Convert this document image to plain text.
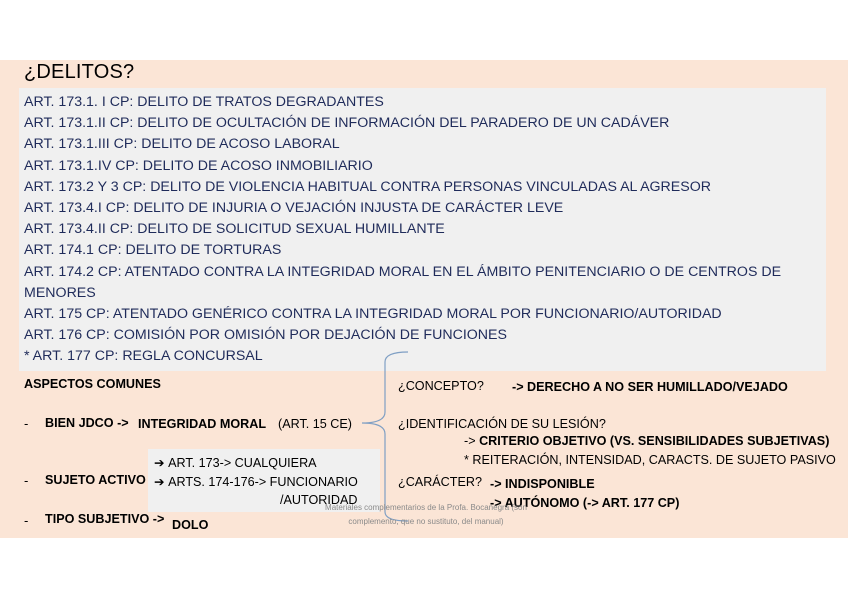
¿DELITOS?
ART. 173.1. I CP: DELITO DE TRATOS DEGRADANTES
ART. 173.1.II CP: DELITO DE OCULTACIÓN DE INFORMACIÓN DEL PARADERO DE UN CADÁVER
ART. 173.1.III CP: DELITO DE ACOSO LABORAL
ART. 173.1.IV CP: DELITO DE ACOSO INMOBILIARIO
ART. 173.2 Y 3 CP: DELITO DE VIOLENCIA HABITUAL CONTRA PERSONAS VINCULADAS AL AGRESOR
ART. 173.4.I CP: DELITO DE INJURIA O VEJACIÓN INJUSTA DE CARÁCTER LEVE
ART. 173.4.II CP: DELITO DE SOLICITUD SEXUAL HUMILLANTE
ART. 174.1 CP: DELITO DE TORTURAS
ART. 174.2 CP: ATENTADO CONTRA LA INTEGRIDAD MORAL EN EL ÁMBITO PENITENCIARIO O DE CENTROS DE MENORES
ART. 175 CP: ATENTADO GENÉRICO CONTRA LA INTEGRIDAD MORAL POR FUNCIONARIO/AUTORIDAD
ART. 176 CP: COMISIÓN POR OMISIÓN POR DEJACIÓN DE FUNCIONES
* ART. 177 CP: REGLA CONCURSAL
ASPECTOS COMUNES
- BIEN JDCO -> INTEGRIDAD MORAL (ART. 15 CE)
- SUJETO ACTIVO
➔ ART. 173-> CUALQUIERA
➔ ARTS. 174-176-> FUNCIONARIO
/AUTORIDAD
- TIPO SUBJETIVO -> DOLO
¿CONCEPTO? -> DERECHO A NO SER HUMILLADO/VEJADO
¿IDENTIFICACIÓN DE SU LESIÓN?
-> CRITERIO OBJETIVO (VS. SENSIBILIDADES SUBJETIVAS)
* REITERACIÓN, INTENSIDAD, CARACTS. DE SUJETO PASIVO
¿CARÁCTER? -> INDISPONIBLE
-> AUTÓNOMO (-> ART. 177 CP)
Materiales complementarios de la Profa. Bocanegra (son
complemento, que no sustituto, del manual)
